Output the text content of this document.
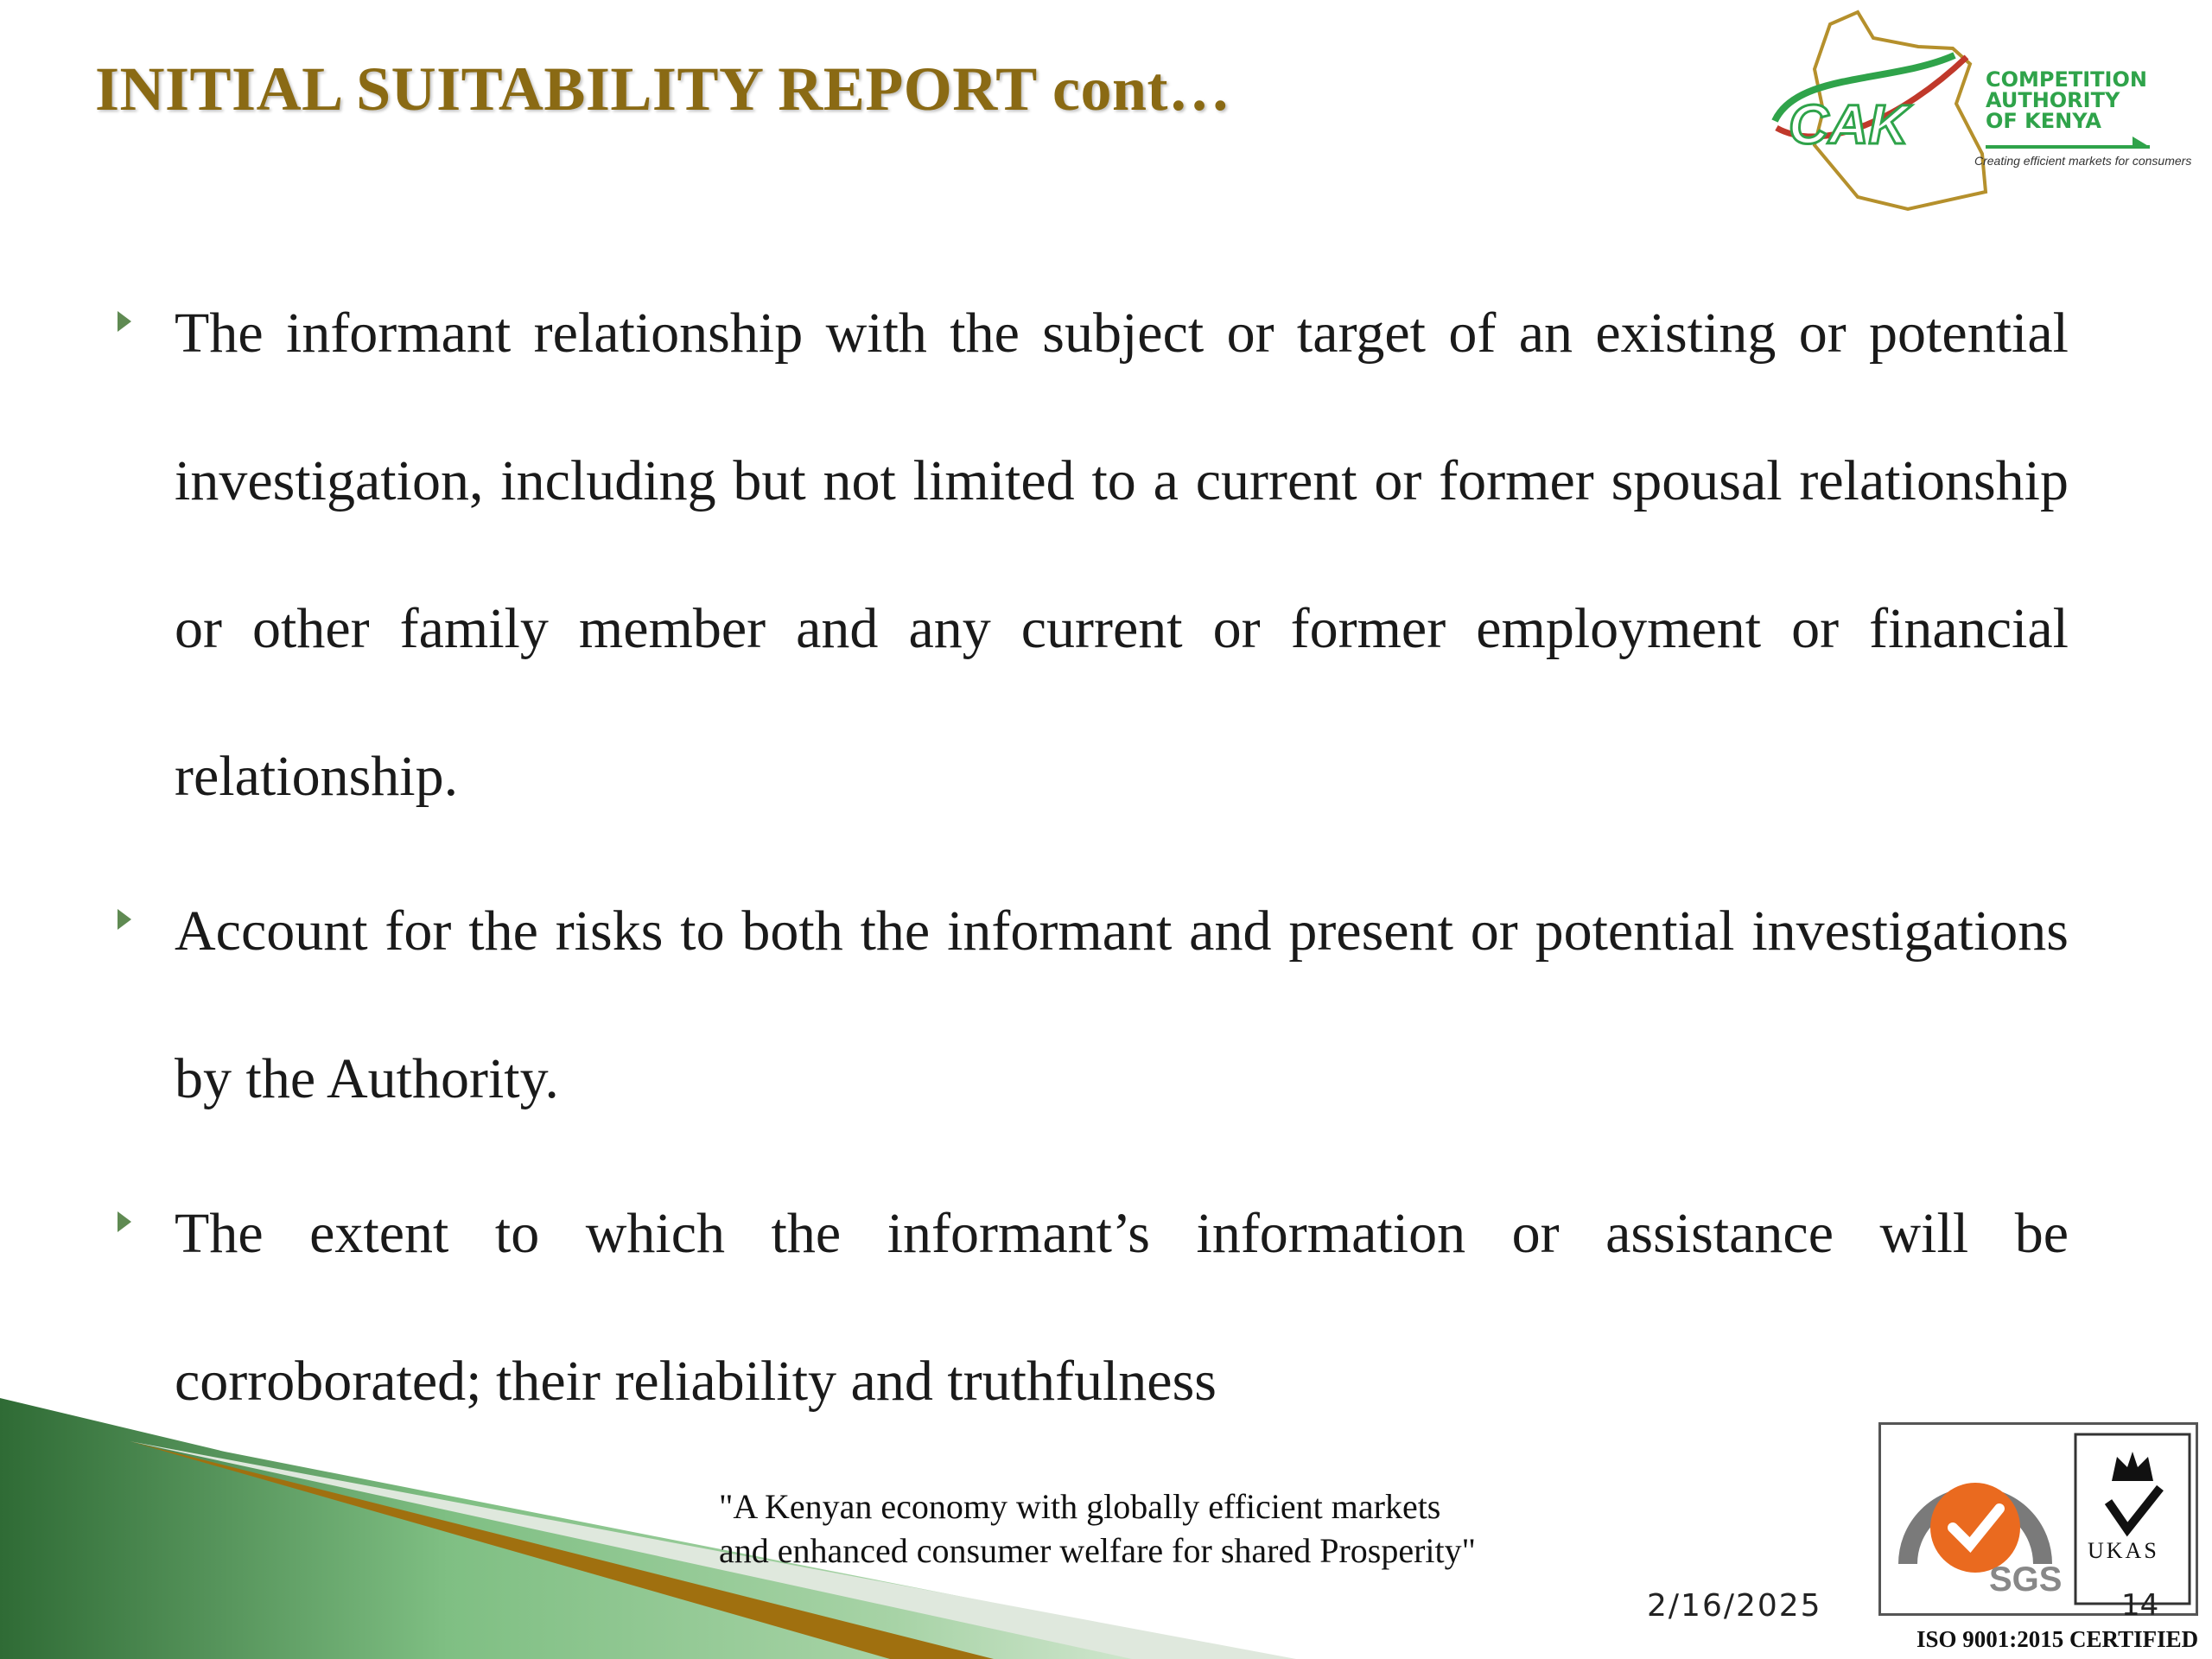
INITIAL SUITABILITY REPORT cont…
CAK
COMPETITION
AUTHORITY
OF KENYA
Creating efficient markets for consumers

The informant relationship with the subject or target of an existing or potential investigation, including but not limited to a current or former spousal relationship or other family member and any current or former employment or financial relationship.

Account for the risks to both the informant and present or potential investigations by the Authority.

The extent to which the informant’s information or assistance will be corroborated; their reliability and truthfulness

"A Kenyan economy with globally efficient markets
and enhanced consumer welfare for shared Prosperity"
2/16/2025
SGS
UKAS
14
ISO 9001:2015 CERTIFIED
